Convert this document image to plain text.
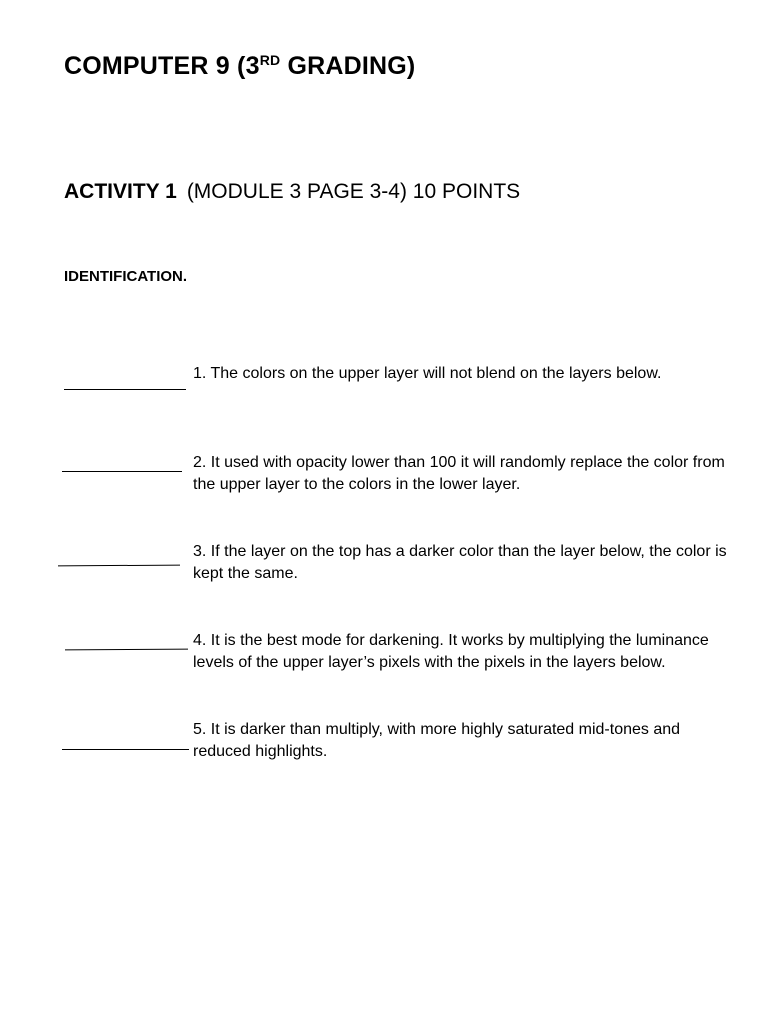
COMPUTER 9 (3RD GRADING)
ACTIVITY 1 (MODULE 3 PAGE 3-4) 10 POINTS
IDENTIFICATION.

1. The colors on the upper layer will not blend on the layers below.

2. It used with opacity lower than 100 it will randomly replace the color from the upper layer to the colors in the lower layer.

3. If the layer on the top has a darker color than the layer below, the color is kept the same.

4. It is the best mode for darkening. It works by multiplying the luminance levels of the upper layer’s pixels with the pixels in the layers below.

5. It is darker than multiply, with more highly saturated mid-tones and reduced highlights.
